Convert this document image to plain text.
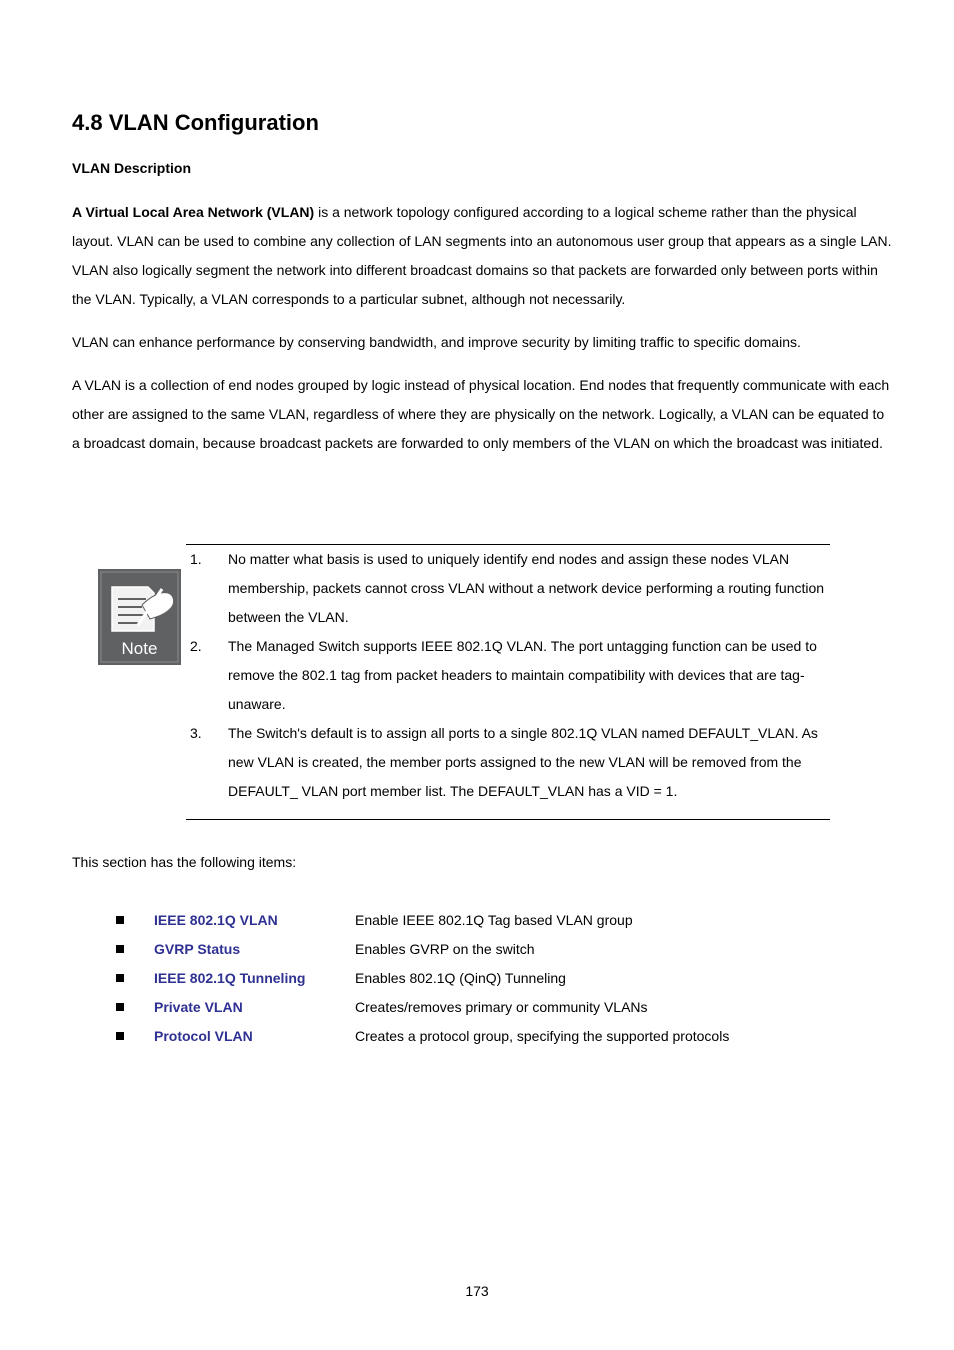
4.8 VLAN Configuration
VLAN Description

A Virtual Local Area Network (VLAN) is a network topology configured according to a logical scheme rather than the physical layout. VLAN can be used to combine any collection of LAN segments into an autonomous user group that appears as a single LAN. VLAN also logically segment the network into different broadcast domains so that packets are forwarded only between ports within the VLAN. Typically, a VLAN corresponds to a particular subnet, although not necessarily.

VLAN can enhance performance by conserving bandwidth, and improve security by limiting traffic to specific domains.

A VLAN is a collection of end nodes grouped by logic instead of physical location. End nodes that frequently communicate with each other are assigned to the same VLAN, regardless of where they are physically on the network. Logically, a VLAN can be equated to a broadcast domain, because broadcast packets are forwarded to only members of the VLAN on which the broadcast was initiated.

Note
1.	No matter what basis is used to uniquely identify end nodes and assign these nodes VLAN membership, packets cannot cross VLAN without a network device performing a routing function between the VLAN.
2.	The Managed Switch supports IEEE 802.1Q VLAN. The port untagging function can be used to remove the 802.1 tag from packet headers to maintain compatibility with devices that are tag-unaware.
3.	The Switch's default is to assign all ports to a single 802.1Q VLAN named DEFAULT_VLAN. As new VLAN is created, the member ports assigned to the new VLAN will be removed from the DEFAULT_ VLAN port member list. The DEFAULT_VLAN has a VID = 1.

This section has the following items:

IEEE 802.1Q VLAN	Enable IEEE 802.1Q Tag based VLAN group
GVRP Status	Enables GVRP on the switch
IEEE 802.1Q Tunneling	Enables 802.1Q (QinQ) Tunneling
Private VLAN	Creates/removes primary or community VLANs
Protocol VLAN	Creates a protocol group, specifying the supported protocols
173
